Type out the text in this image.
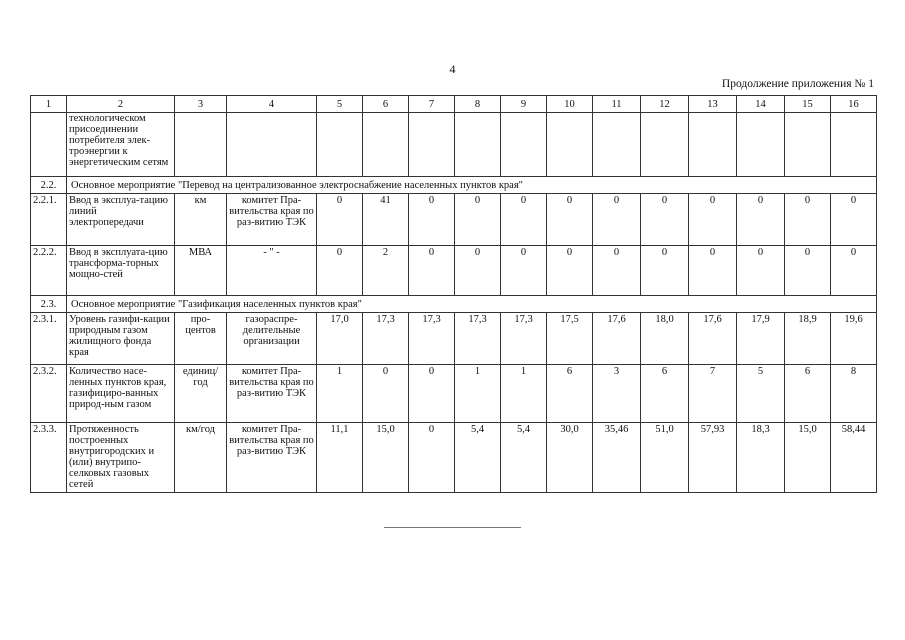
4
Продолжение приложения № 1
1	2	3	4	5	6	7	8	9	10	11	12	13	14	15	16
	технологическом присоединении потребителя элек-троэнергии к энергетическим сетям														
2.2.	Основное мероприятие "Перевод на централизованное электроснабжение населенных пунктов края"														
2.2.1.	Ввод в эксплуа-тацию линий электропередачи	км	комитет Пра-вительства края по раз-витию ТЭК	0	41	0	0	0	0	0	0	0	0	0	0
2.2.2.	Ввод в эксплуата-цию трансформа-торных мощно-стей	МВА	- " -	0	2	0	0	0	0	0	0	0	0	0	0
2.3.	Основное мероприятие "Газификация населенных пунктов края"														
2.3.1.	Уровень газифи-кации природным газом жилищного фонда края	про-центов	газораспре-делительные организации	17,0	17,3	17,3	17,3	17,3	17,5	17,6	18,0	17,6	17,9	18,9	19,6
2.3.2.	Количество насе-ленных пунктов края, газифициро-ванных природ-ным газом	единиц/ год	комитет Пра-вительства края по раз-витию ТЭК	1	0	0	1	1	6	3	6	7	5	6	8
2.3.3.	Протяженность построенных внутригородских и (или) внутрипо-селковых газовых сетей	км/год	комитет Пра-вительства края по раз-витию ТЭК	11,1	15,0	0	5,4	5,4	30,0	35,46	51,0	57,93	18,3	15,0	58,44
